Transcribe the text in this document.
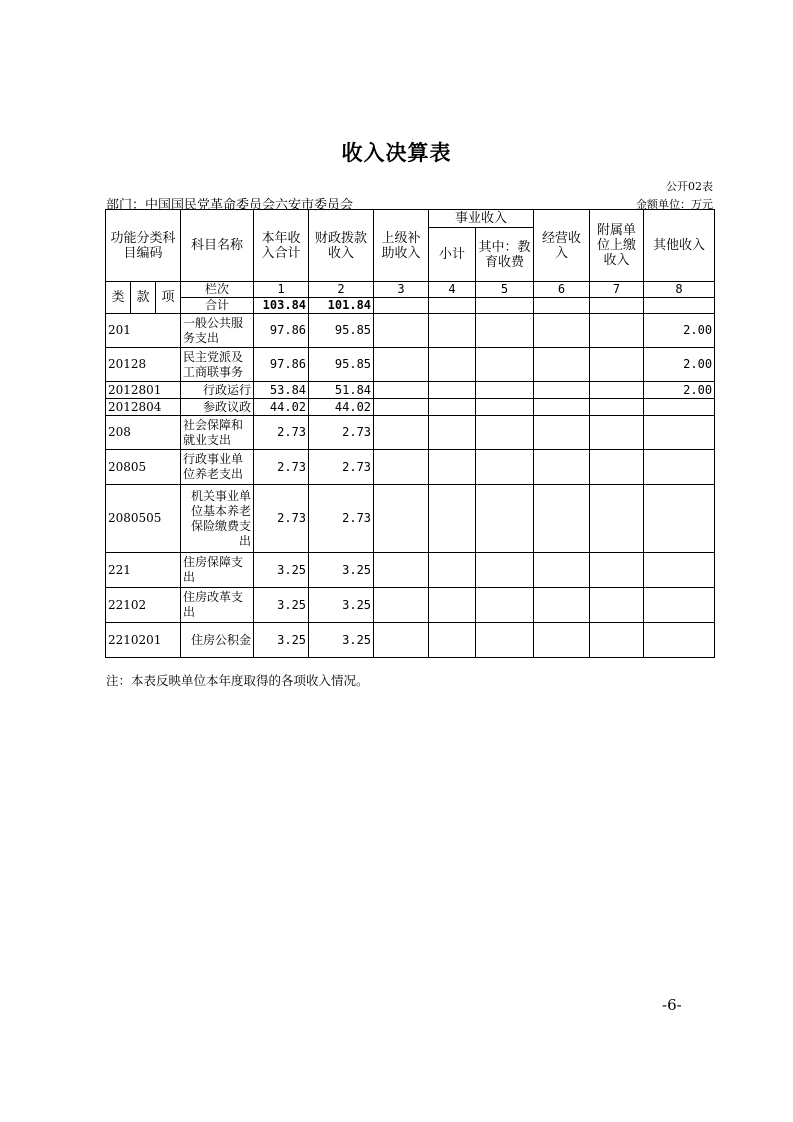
收入决算表
公开02表
部门：中国国民党革命委员会六安市委员会	金额单位：万元
功能分类科目编码			科目名称	本年收入合计	财政拨款收入	上级补助收入	事业收入		经营收入	附属单位上缴收入	其他收入
							小计	其中：教育收费			

类	款	项	栏次	1	2	3	4	5	6	7	8
			合计	103.84	101.84						
201			一般公共服务支出	97.86	95.85						2.00
20128			民主党派及工商联事务	97.86	95.85						2.00
2012801			行政运行	53.84	51.84						2.00
2012804			参政议政	44.02	44.02						
208			社会保障和就业支出	2.73	2.73						
20805			行政事业单位养老支出	2.73	2.73						
2080505			机关事业单位基本养老保险缴费支出	2.73	2.73						
221			住房保障支出	3.25	3.25						
22102			住房改革支出	3.25	3.25						
2210201			住房公积金	3.25	3.25						
注：本表反映单位本年度取得的各项收入情况。
-6-
